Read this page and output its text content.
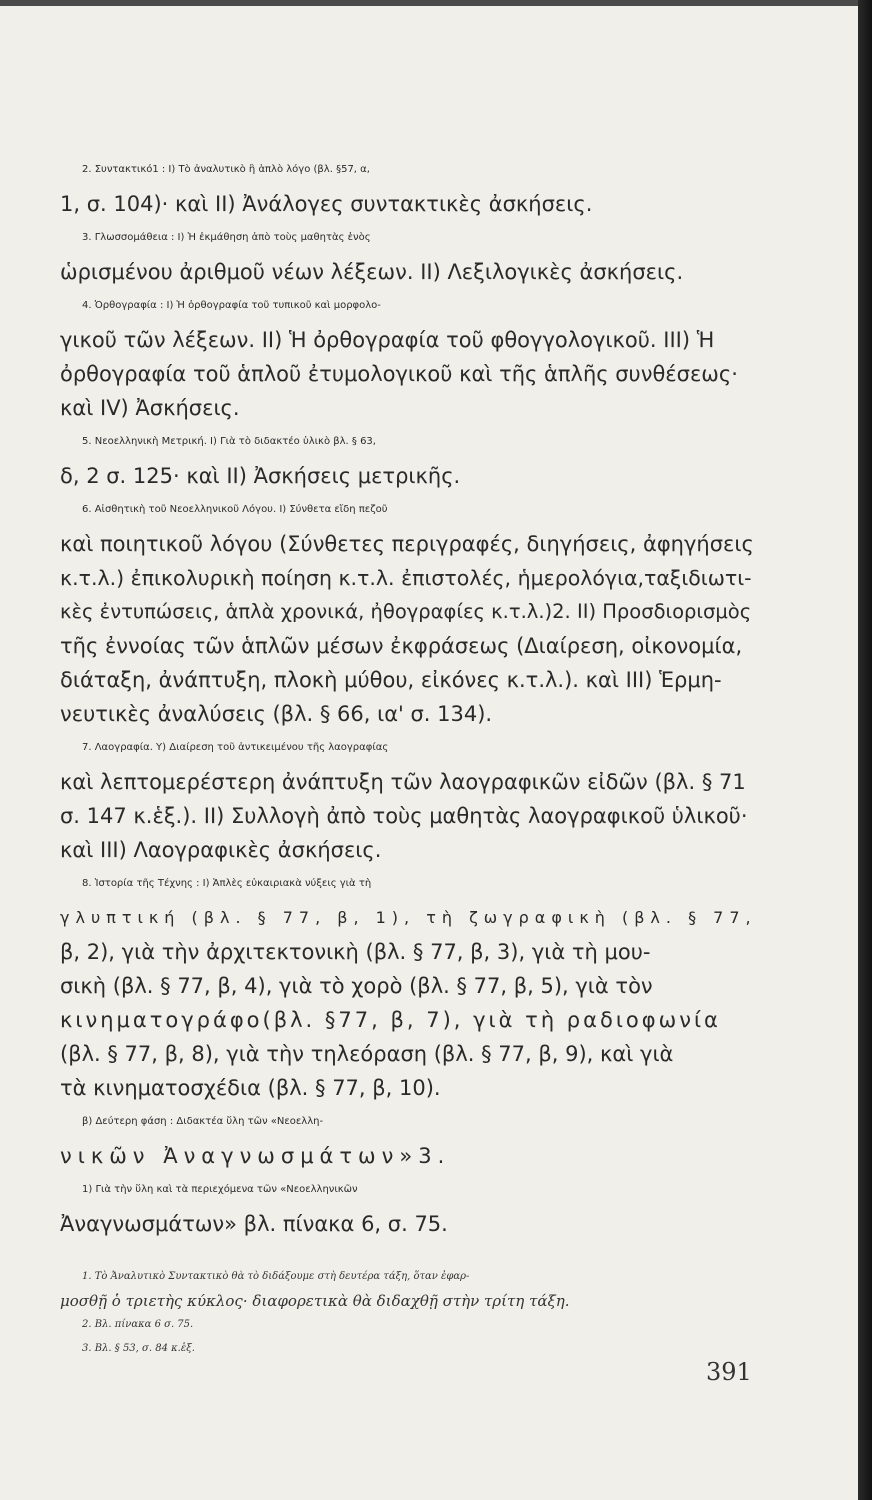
2. Συντακτικό1 : Ι) Τὸ ἀναλυτικὸ ἢ ἁπλὸ λόγο (βλ. §57, α,
1, σ. 104)· καὶ ΙΙ) Ἀνάλογες συντακτικὲς ἀσκήσεις.
3. Γλωσσομάθεια : Ι) Ἡ ἐκμάθηση ἀπὸ τοὺς μαθητὰς ἑνὸς
ὡρισμένου ἀριθμοῦ νέων λέξεων. ΙΙ) Λεξιλογικὲς ἀσκήσεις.
4. Ὀρθογραφία : Ι) Ἡ ὀρθογραφία τοῦ τυπικοῦ καὶ μορφολο-
γικοῦ τῶν λέξεων. ΙΙ) Ἡ ὀρθογραφία τοῦ φθογγολογικοῦ. ΙΙΙ) Ἡ
ὀρθογραφία τοῦ ἁπλοῦ ἐτυμολογικοῦ καὶ τῆς ἁπλῆς συνθέσεως·
καὶ ΙV) Ἀσκήσεις.
5. Νεοελληνικὴ Μετρική. Ι) Γιὰ τὸ διδακτέο ὑλικὸ βλ. § 63,
δ, 2 σ. 125· καὶ ΙΙ) Ἀσκήσεις μετρικῆς.
6. Αἰσθητικὴ τοῦ Νεοελληνικοῦ Λόγου. Ι) Σύνθετα εἴδη πεζοῦ
καὶ ποιητικοῦ λόγου (Σύνθετες περιγραφές, διηγήσεις, ἀφηγήσεις
κ.τ.λ.) ἐπικολυρικὴ ποίηση κ.τ.λ. ἐπιστολές, ἡμερολόγια,ταξιδιωτι-
κὲς ἐντυπώσεις, ἁπλὰ χρονικά, ἠθογραφίες κ.τ.λ.)2. ΙΙ) Προσδιορισμὸς
τῆς ἐννοίας τῶν ἁπλῶν μέσων ἐκφράσεως (Διαίρεση, οἰκονομία,
διάταξη, ἀνάπτυξη, πλοκὴ μύθου, εἰκόνες κ.τ.λ.). καὶ ΙΙΙ) Ἑρμη-
νευτικὲς ἀναλύσεις (βλ. § 66, ια' σ. 134).
7. Λαογραφία. Υ) Διαίρεση τοῦ ἀντικειμένου τῆς λαογραφίας
καὶ λεπτομερέστερη ἀνάπτυξη τῶν λαογραφικῶν εἰδῶν (βλ. § 71
σ. 147 κ.ἑξ.). ΙΙ) Συλλογὴ ἀπὸ τοὺς μαθητὰς λαογραφικοῦ ὑλικοῦ·
καὶ ΙΙΙ) Λαογραφικὲς ἀσκήσεις.
8. Ἱστορία τῆς Τέχνης : Ι) Ἁπλὲς εὐκαιριακὰ νύξεις γιὰ τὴ
γλυπτική (βλ. § 77, β, 1), τὴ ζωγραφικὴ (βλ. § 77,
β, 2), γιὰ τὴν ἀρχιτεκτονικὴ (βλ. § 77, β, 3), γιὰ τὴ μου-
σικὴ (βλ. § 77, β, 4), γιὰ τὸ χορὸ (βλ. § 77, β, 5), γιὰ τὸν
κινηματογράφο(βλ. §77, β, 7), γιὰ τὴ ραδιοφωνία
(βλ. § 77, β, 8), γιὰ τὴν τηλεόραση (βλ. § 77, β, 9), καὶ γιὰ
τὰ κινηματοσχέδια (βλ. § 77, β, 10).
β) Δεύτερη φάση : Διδακτέα ὕλη τῶν «Νεοελλη-
νικῶν Ἀναγνωσμάτων»3.
1) Γιὰ τὴν ὕλη καὶ τὰ περιεχόμενα τῶν «Νεοελληνικῶν
Ἀναγνωσμάτων» βλ. πίνακα 6, σ. 75.
1. Τὸ Ἀναλυτικὸ Συντακτικὸ θὰ τὸ διδάξουμε στὴ δευτέρα τάξη, ὅταν ἐφαρ-
μοσθῇ ὁ τριετὴς κύκλος· διαφορετικὰ θὰ διδαχθῇ στὴν τρίτη τάξη.
2. Βλ. πίνακα 6 σ. 75.
3. Βλ. § 53, σ. 84 κ.ἑξ.
391
